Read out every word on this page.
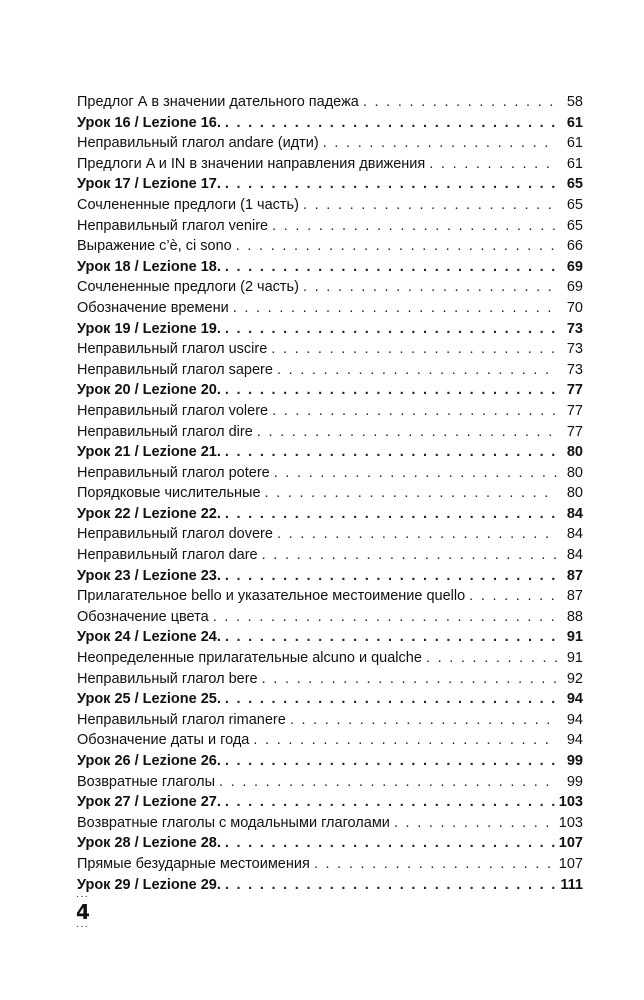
Предлог А в значении дательного падежа . . .	58
Урок 16 / Lezione 16. . . .	61
Неправильный глагол andare (идти) . . .	61
Предлоги A и IN в значении направления движения . . .	61
Урок 17 / Lezione 17. . . .	65
Сочлененные предлоги (1 часть) . . .	65
Неправильный глагол venire . . .	65
Выражение c’è, ci sono . . .	66
Урок 18 / Lezione 18. . . .	69
Сочлененные предлоги (2 часть) . . .	69
Обозначение времени . . .	70
Урок 19 / Lezione 19. . . .	73
Неправильный глагол uscire . . .	73
Неправильный глагол sapere . . .	73
Урок 20 / Lezione 20. . . .	77
Неправильный глагол volere . . .	77
Неправильный глагол dire . . .	77
Урок 21 / Lezione 21. . . .	80
Неправильный глагол potere . . .	80
Порядковые числительные . . .	80
Урок 22 / Lezione 22. . . .	84
Неправильный глагол dovere . . .	84
Неправильный глагол dare . . .	84
Урок 23 / Lezione 23. . . .	87
Прилагательное bello и указательное местоимение quello . . .	87
Обозначение цвета . . .	88
Урок 24 / Lezione 24. . . .	91
Неопределенные прилагательные alcuno и qualche . . .	91
Неправильный глагол bere . . .	92
Урок 25 / Lezione 25. . . .	94
Неправильный глагол rimanere . . .	94
Обозначение даты и года . . .	94
Урок 26 / Lezione 26. . . .	99
Возвратные глаголы . . .	99
Урок 27 / Lezione 27. . . .	103
Возвратные глаголы с модальными глаголами . . .	103
Урок 28 / Lezione 28. . . .	107
Прямые безударные местоимения . . .	107
Урок 29 / Lezione 29. . . .	111
···
4
···
